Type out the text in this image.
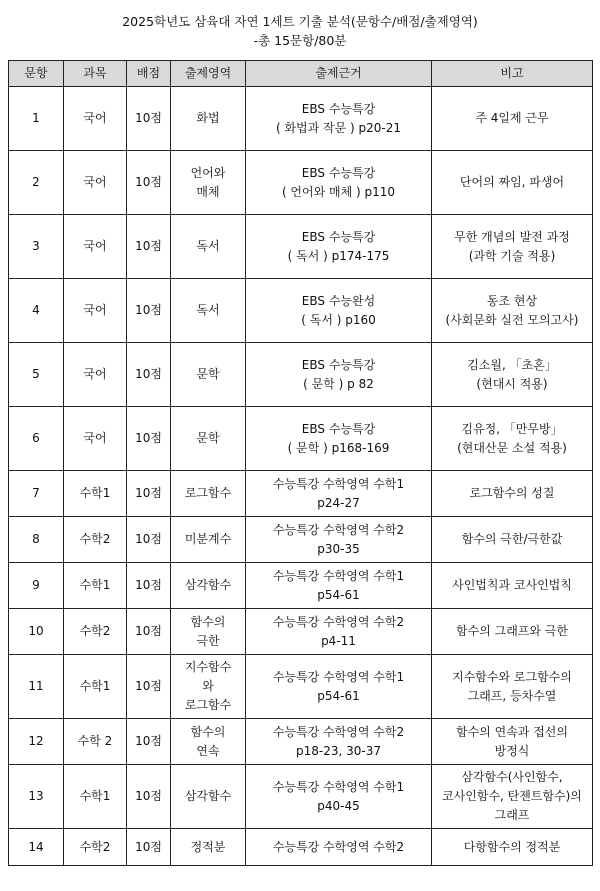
2025학년도 삼육대 자연 1세트 기출 분석(문항수/배점/출제영역)
-총 15문항/80분
문항	과목	배점	출제영역	출제근거	비고
1	국어	10점	화법	EBS 수능특강
( 화법과 작문 ) p20-21	주 4일제 근무

2	국어	10점	언어와
매체	EBS 수능특강
( 언어와 매체 ) p110	단어의 짜임, 파생어

3	국어	10점	독서	EBS 수능특강
( 독서 ) p174-175	무한 개념의 발전 과정
(과학 기술 적용)

4	국어	10점	독서	EBS 수능완성
( 독서 ) p160	동조 현상
(사회문화 실전 모의고사)

5	국어	10점	문학	EBS 수능특강
( 문학 ) p 82	김소월, 「초혼」
(현대시 적용)

6	국어	10점	문학	EBS 수능특강
( 문학 ) p168-169	김유정, 「만무방」
(현대산문 소설 적용)

7	수학1	10점	로그함수	수능특강 수학영역 수학1
p24-27	로그함수의 성질

8	수학2	10점	미분계수	수능특강 수학영역 수학2
p30-35	함수의 극한/극한값

9	수학1	10점	삼각함수	수능특강 수학영역 수학1
p54-61	사인법칙과 코사인법칙

10	수학2	10점	함수의
극한	수능특강 수학영역 수학2
p4-11	함수의 그래프와 극한

11	수학1	10점	지수함수
와
로그함수	수능특강 수학영역 수학1
p54-61	지수함수와 로그함수의
그래프, 등차수열

12	수학 2	10점	함수의
연속	수능특강 수학영역 수학2
p18-23, 30-37	함수의 연속과 접선의
방정식

13	수학1	10점	삼각함수	수능특강 수학영역 수학1
p40-45	삼각함수(사인함수,
코사인함수, 탄젠트함수)의
그래프

14	수학2	10점	정적분	수능특강 수학영역 수학2	다항함수의 정적분
